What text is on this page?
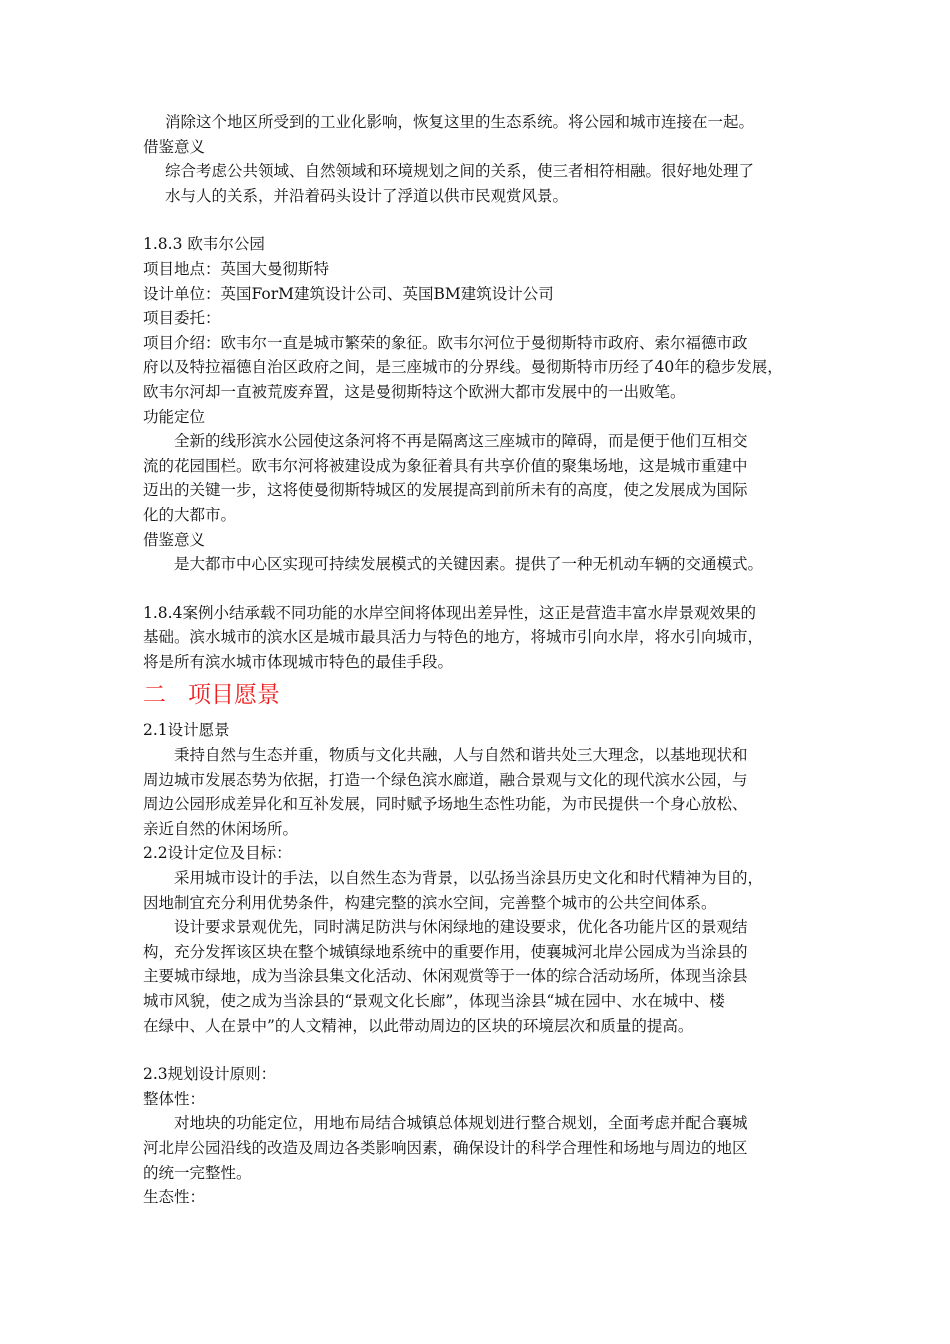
消除这个地区所受到的工业化影响，恢复这里的生态系统。将公园和城市连接在一起。
借鉴意义
综合考虑公共领域、自然领域和环境规划之间的关系，使三者相符相融。很好地处理了
水与人的关系，并沿着码头设计了浮道以供市民观赏风景。
1.8.3 欧韦尔公园
项目地点：英国大曼彻斯特
设计单位：英国ForM建筑设计公司、英国BM建筑设计公司
项目委托：
项目介绍：欧韦尔一直是城市繁荣的象征。欧韦尔河位于曼彻斯特市政府、索尔福德市政
府以及特拉福德自治区政府之间，是三座城市的分界线。曼彻斯特市历经了40年的稳步发展，
欧韦尔河却一直被荒废弃置，这是曼彻斯特这个欧洲大都市发展中的一出败笔。
功能定位
全新的线形滨水公园使这条河将不再是隔离这三座城市的障碍，而是便于他们互相交
流的花园围栏。欧韦尔河将被建设成为象征着具有共享价值的聚集场地，这是城市重建中
迈出的关键一步，这将使曼彻斯特城区的发展提高到前所未有的高度，使之发展成为国际
化的大都市。
借鉴意义
是大都市中心区实现可持续发展模式的关键因素。提供了一种无机动车辆的交通模式。
1.8.4案例小结承载不同功能的水岸空间将体现出差异性，这正是营造丰富水岸景观效果的
基础。滨水城市的滨水区是城市最具活力与特色的地方，将城市引向水岸，将水引向城市，
将是所有滨水城市体现城市特色的最佳手段。
二 项目愿景
2.1设计愿景
秉持自然与生态并重，物质与文化共融，人与自然和谐共处三大理念，以基地现状和
周边城市发展态势为依据，打造一个绿色滨水廊道，融合景观与文化的现代滨水公园，与
周边公园形成差异化和互补发展，同时赋予场地生态性功能，为市民提供一个身心放松、
亲近自然的休闲场所。
2.2设计定位及目标：
采用城市设计的手法，以自然生态为背景，以弘扬当涂县历史文化和时代精神为目的，
因地制宜充分利用优势条件，构建完整的滨水空间，完善整个城市的公共空间体系。
设计要求景观优先，同时满足防洪与休闲绿地的建设要求，优化各功能片区的景观结
构，充分发挥该区块在整个城镇绿地系统中的重要作用，使襄城河北岸公园成为当涂县的
主要城市绿地，成为当涂县集文化活动、休闲观赏等于一体的综合活动场所，体现当涂县
城市风貌，使之成为当涂县的“景观文化长廊”，体现当涂县“城在园中、水在城中、楼
在绿中、人在景中”的人文精神，以此带动周边的区块的环境层次和质量的提高。
2.3规划设计原则：
整体性：
对地块的功能定位，用地布局结合城镇总体规划进行整合规划，全面考虑并配合襄城
河北岸公园沿线的改造及周边各类影响因素，确保设计的科学合理性和场地与周边的地区
的统一完整性。
生态性：
